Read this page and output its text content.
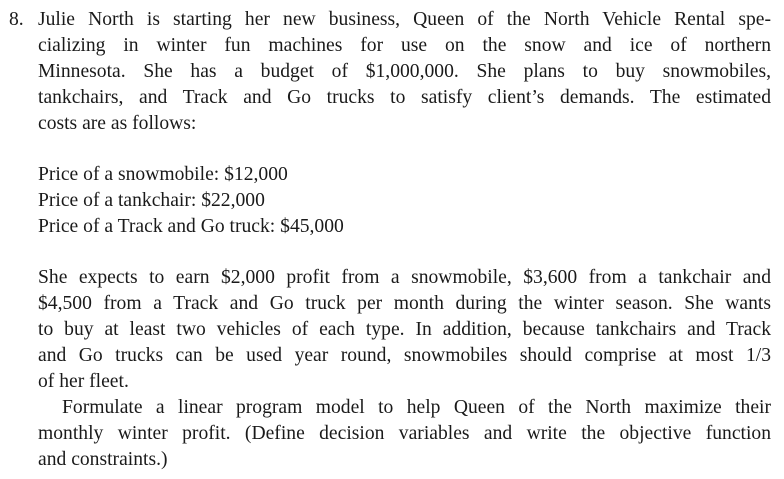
8. Julie North is starting her new business, Queen of the North Vehicle Rental spe-
cializing in winter fun machines for use on the snow and ice of northern
Minnesota. She has a budget of $1,000,000. She plans to buy snowmobiles,
tankchairs, and Track and Go trucks to satisfy client’s demands. The estimated
costs are as follows:
Price of a snowmobile: $12,000
Price of a tankchair: $22,000
Price of a Track and Go truck: $45,000
She expects to earn $2,000 profit from a snowmobile, $3,600 from a tankchair and
$4,500 from a Track and Go truck per month during the winter season. She wants
to buy at least two vehicles of each type. In addition, because tankchairs and Track
and Go trucks can be used year round, snowmobiles should comprise at most 1/3
of her fleet.
Formulate a linear program model to help Queen of the North maximize their
monthly winter profit. (Define decision variables and write the objective function
and constraints.)
